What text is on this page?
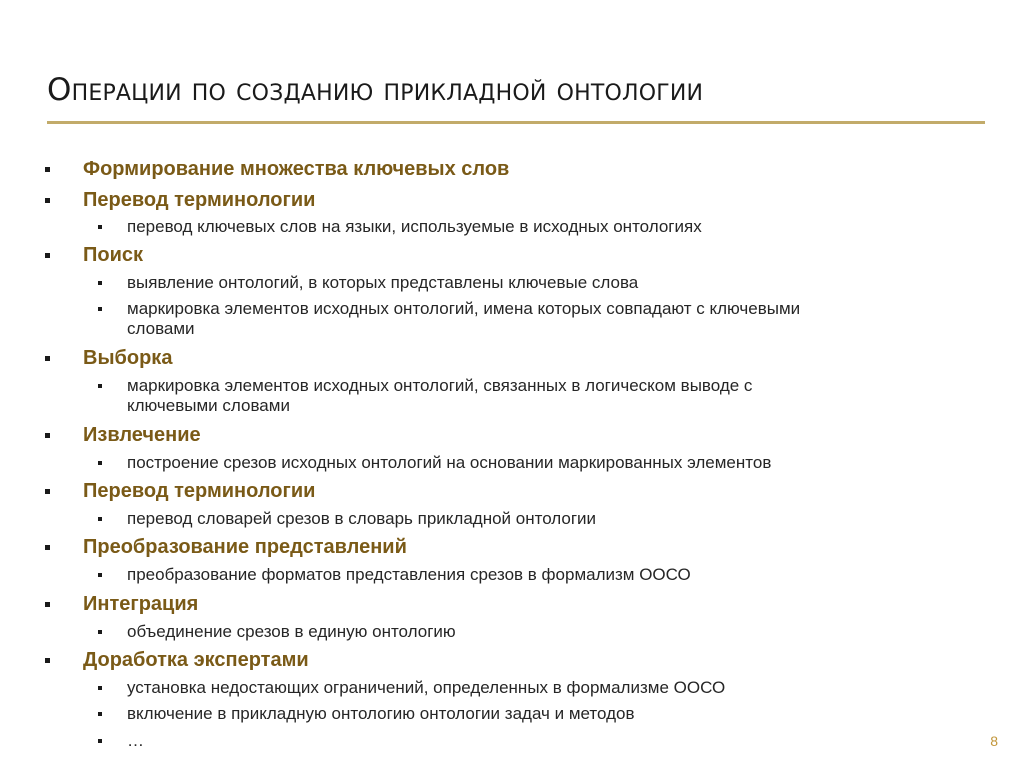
Операции по созданию прикладной онтологии
Формирование множества ключевых слов
Перевод терминологии
перевод ключевых слов на языки, используемые в исходных онтологиях
Поиск
выявление онтологий, в которых представлены ключевые слова
маркировка элементов исходных онтологий, имена которых совпадают с ключевыми
словами
Выборка
маркировка элементов исходных онтологий, связанных в логическом выводе с
ключевыми словами
Извлечение
построение срезов исходных онтологий на основании маркированных элементов
Перевод терминологии
перевод словарей срезов в словарь прикладной онтологии
Преобразование представлений
преобразование форматов представления срезов в формализм ООСО
Интеграция
объединение срезов в единую онтологию
Доработка экспертами
установка недостающих ограничений, определенных в формализме ООСО
включение в прикладную онтологию онтологии задач и методов
…	8
